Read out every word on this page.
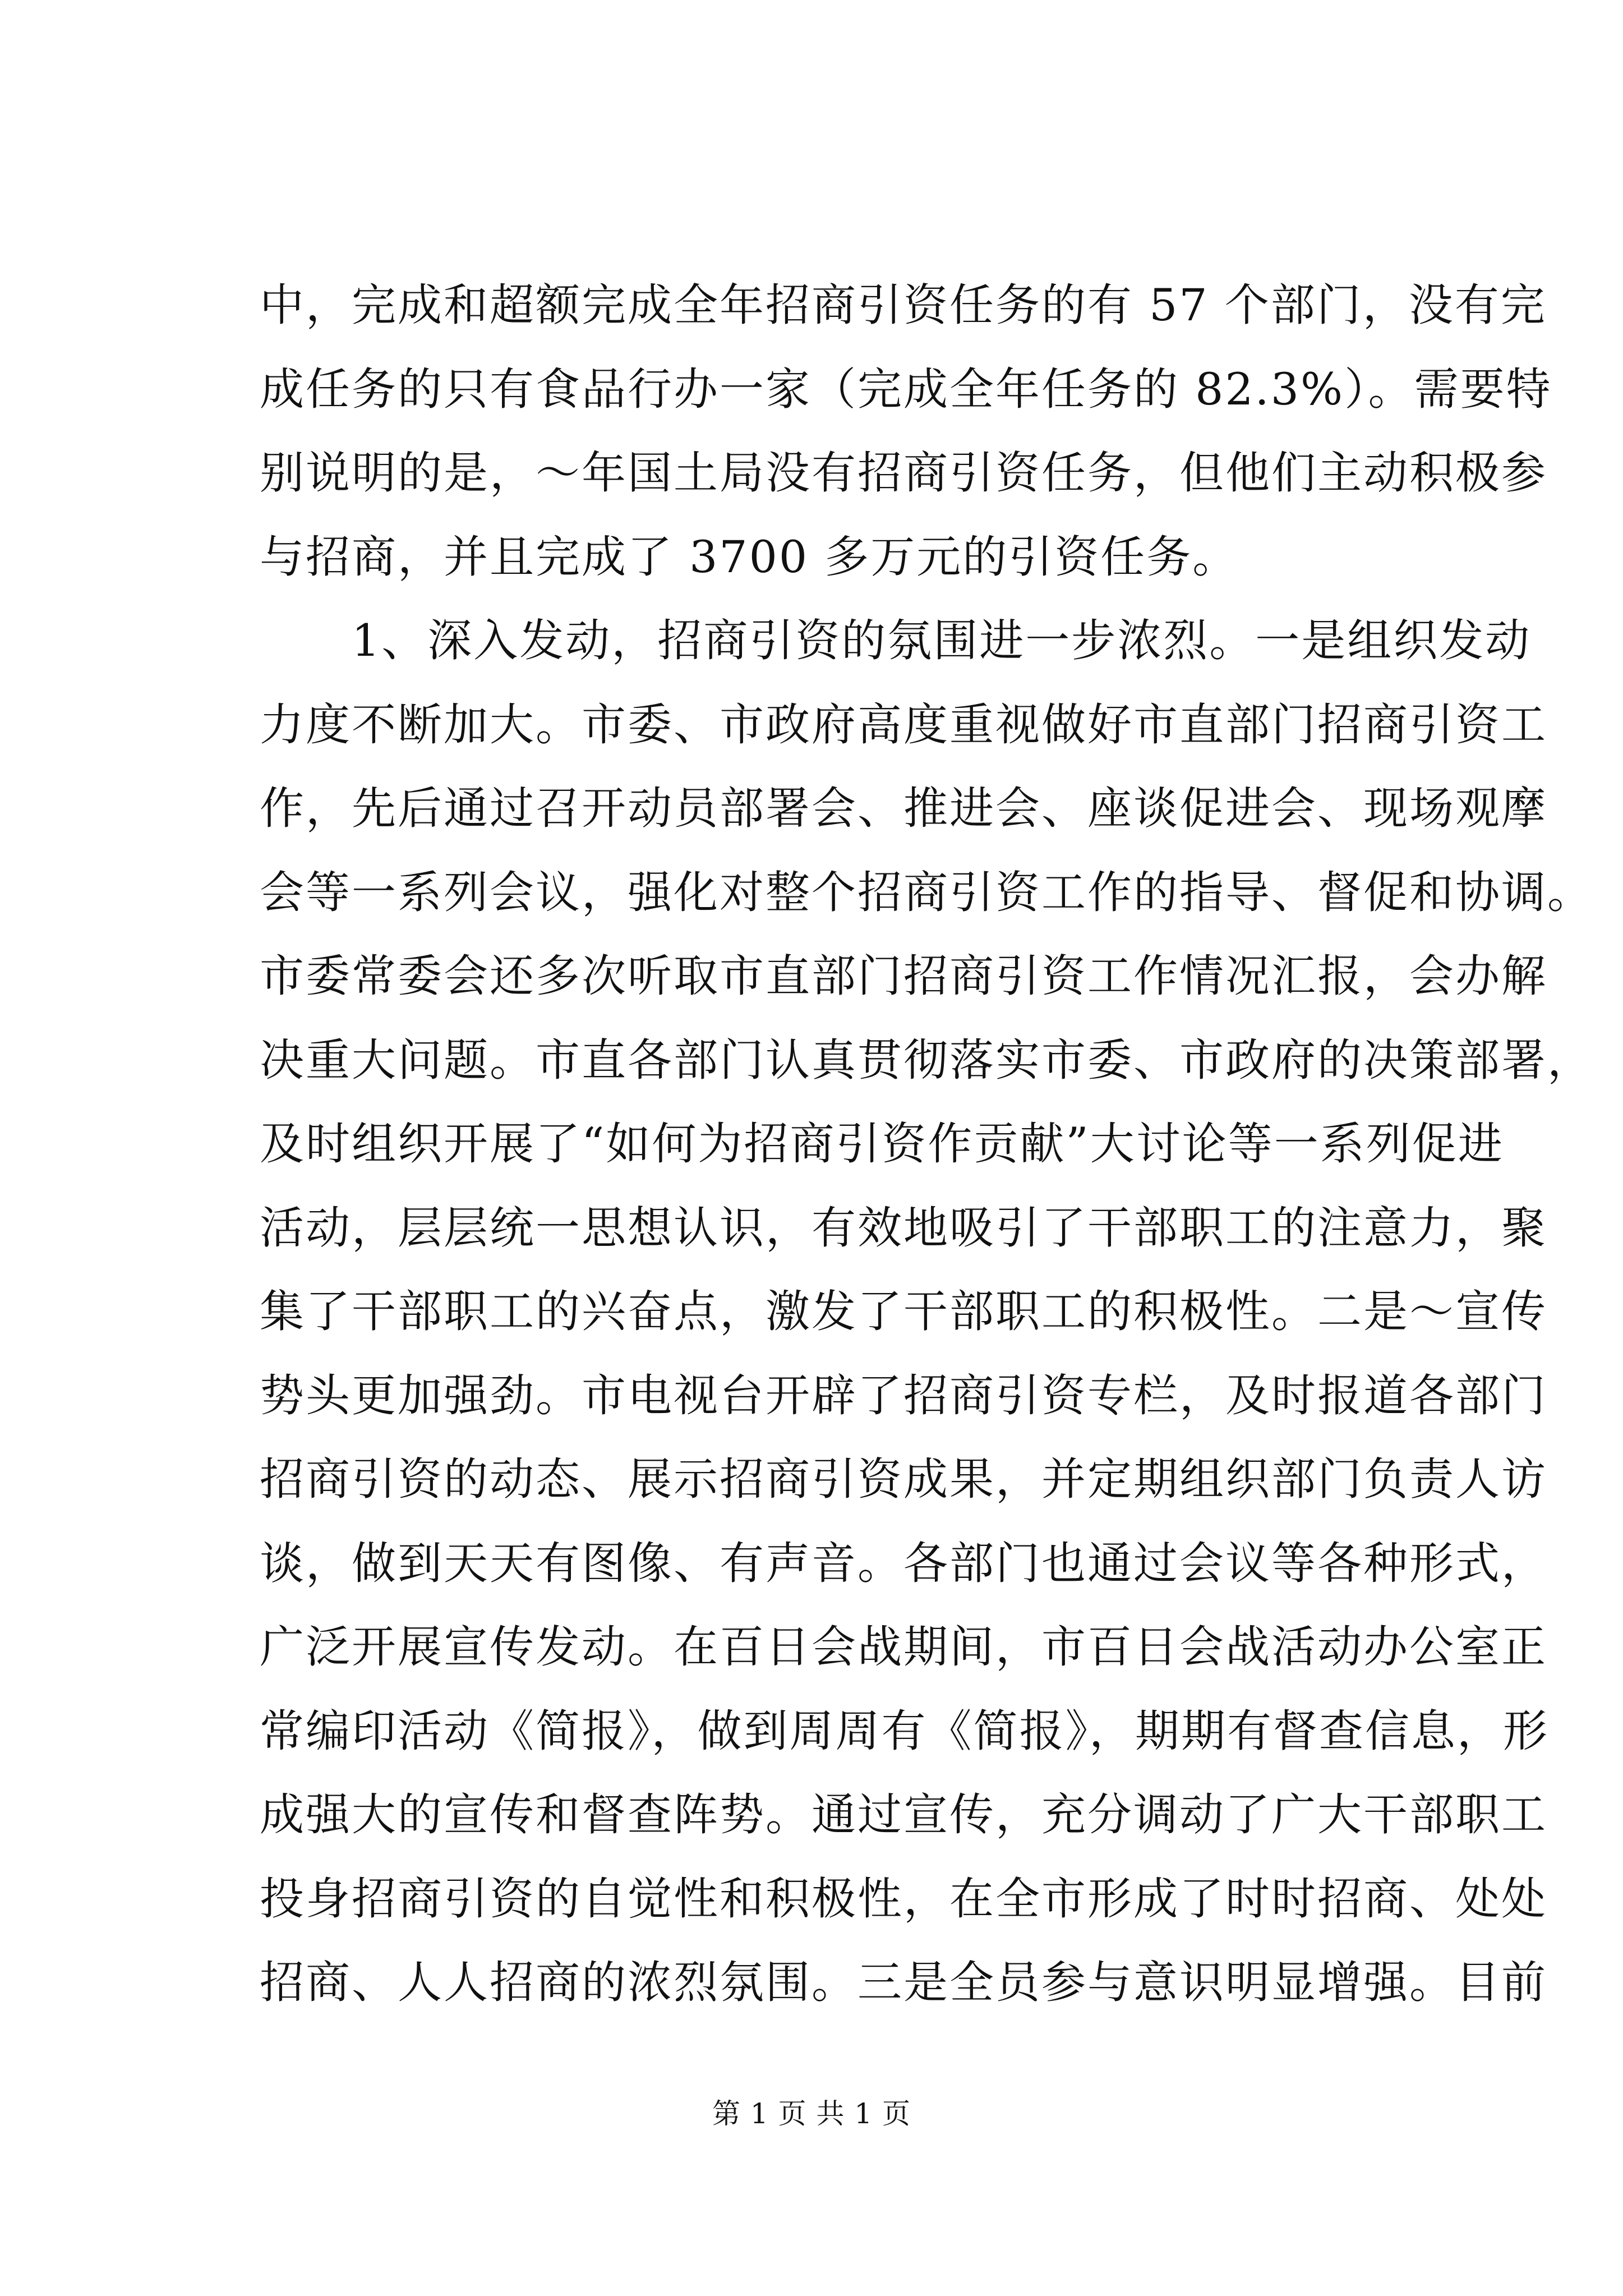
中，完成和超额完成全年招商引资任务的有 57 个部门，没有完
成任务的只有食品行办一家（完成全年任务的 82.3%）。需要特
别说明的是，～年国土局没有招商引资任务，但他们主动积极参
与招商，并且完成了 3700 多万元的引资任务。
　　1、深入发动，招商引资的氛围进一步浓烈。一是组织发动
力度不断加大。市委、市政府高度重视做好市直部门招商引资工
作，先后通过召开动员部署会、推进会、座谈促进会、现场观摩
会等一系列会议，强化对整个招商引资工作的指导、督促和协调。
市委常委会还多次听取市直部门招商引资工作情况汇报，会办解
决重大问题。市直各部门认真贯彻落实市委、市政府的决策部署，
及时组织开展了“如何为招商引资作贡献”大讨论等一系列促进
活动，层层统一思想认识，有效地吸引了干部职工的注意力，聚
集了干部职工的兴奋点，激发了干部职工的积极性。二是～宣传
势头更加强劲。市电视台开辟了招商引资专栏，及时报道各部门
招商引资的动态、展示招商引资成果，并定期组织部门负责人访
谈，做到天天有图像、有声音。各部门也通过会议等各种形式，
广泛开展宣传发动。在百日会战期间，市百日会战活动办公室正
常编印活动《简报》，做到周周有《简报》，期期有督查信息，形
成强大的宣传和督查阵势。通过宣传，充分调动了广大干部职工
投身招商引资的自觉性和积极性，在全市形成了时时招商、处处
招商、人人招商的浓烈氛围。三是全员参与意识明显增强。目前
第 1 页 共 1 页
